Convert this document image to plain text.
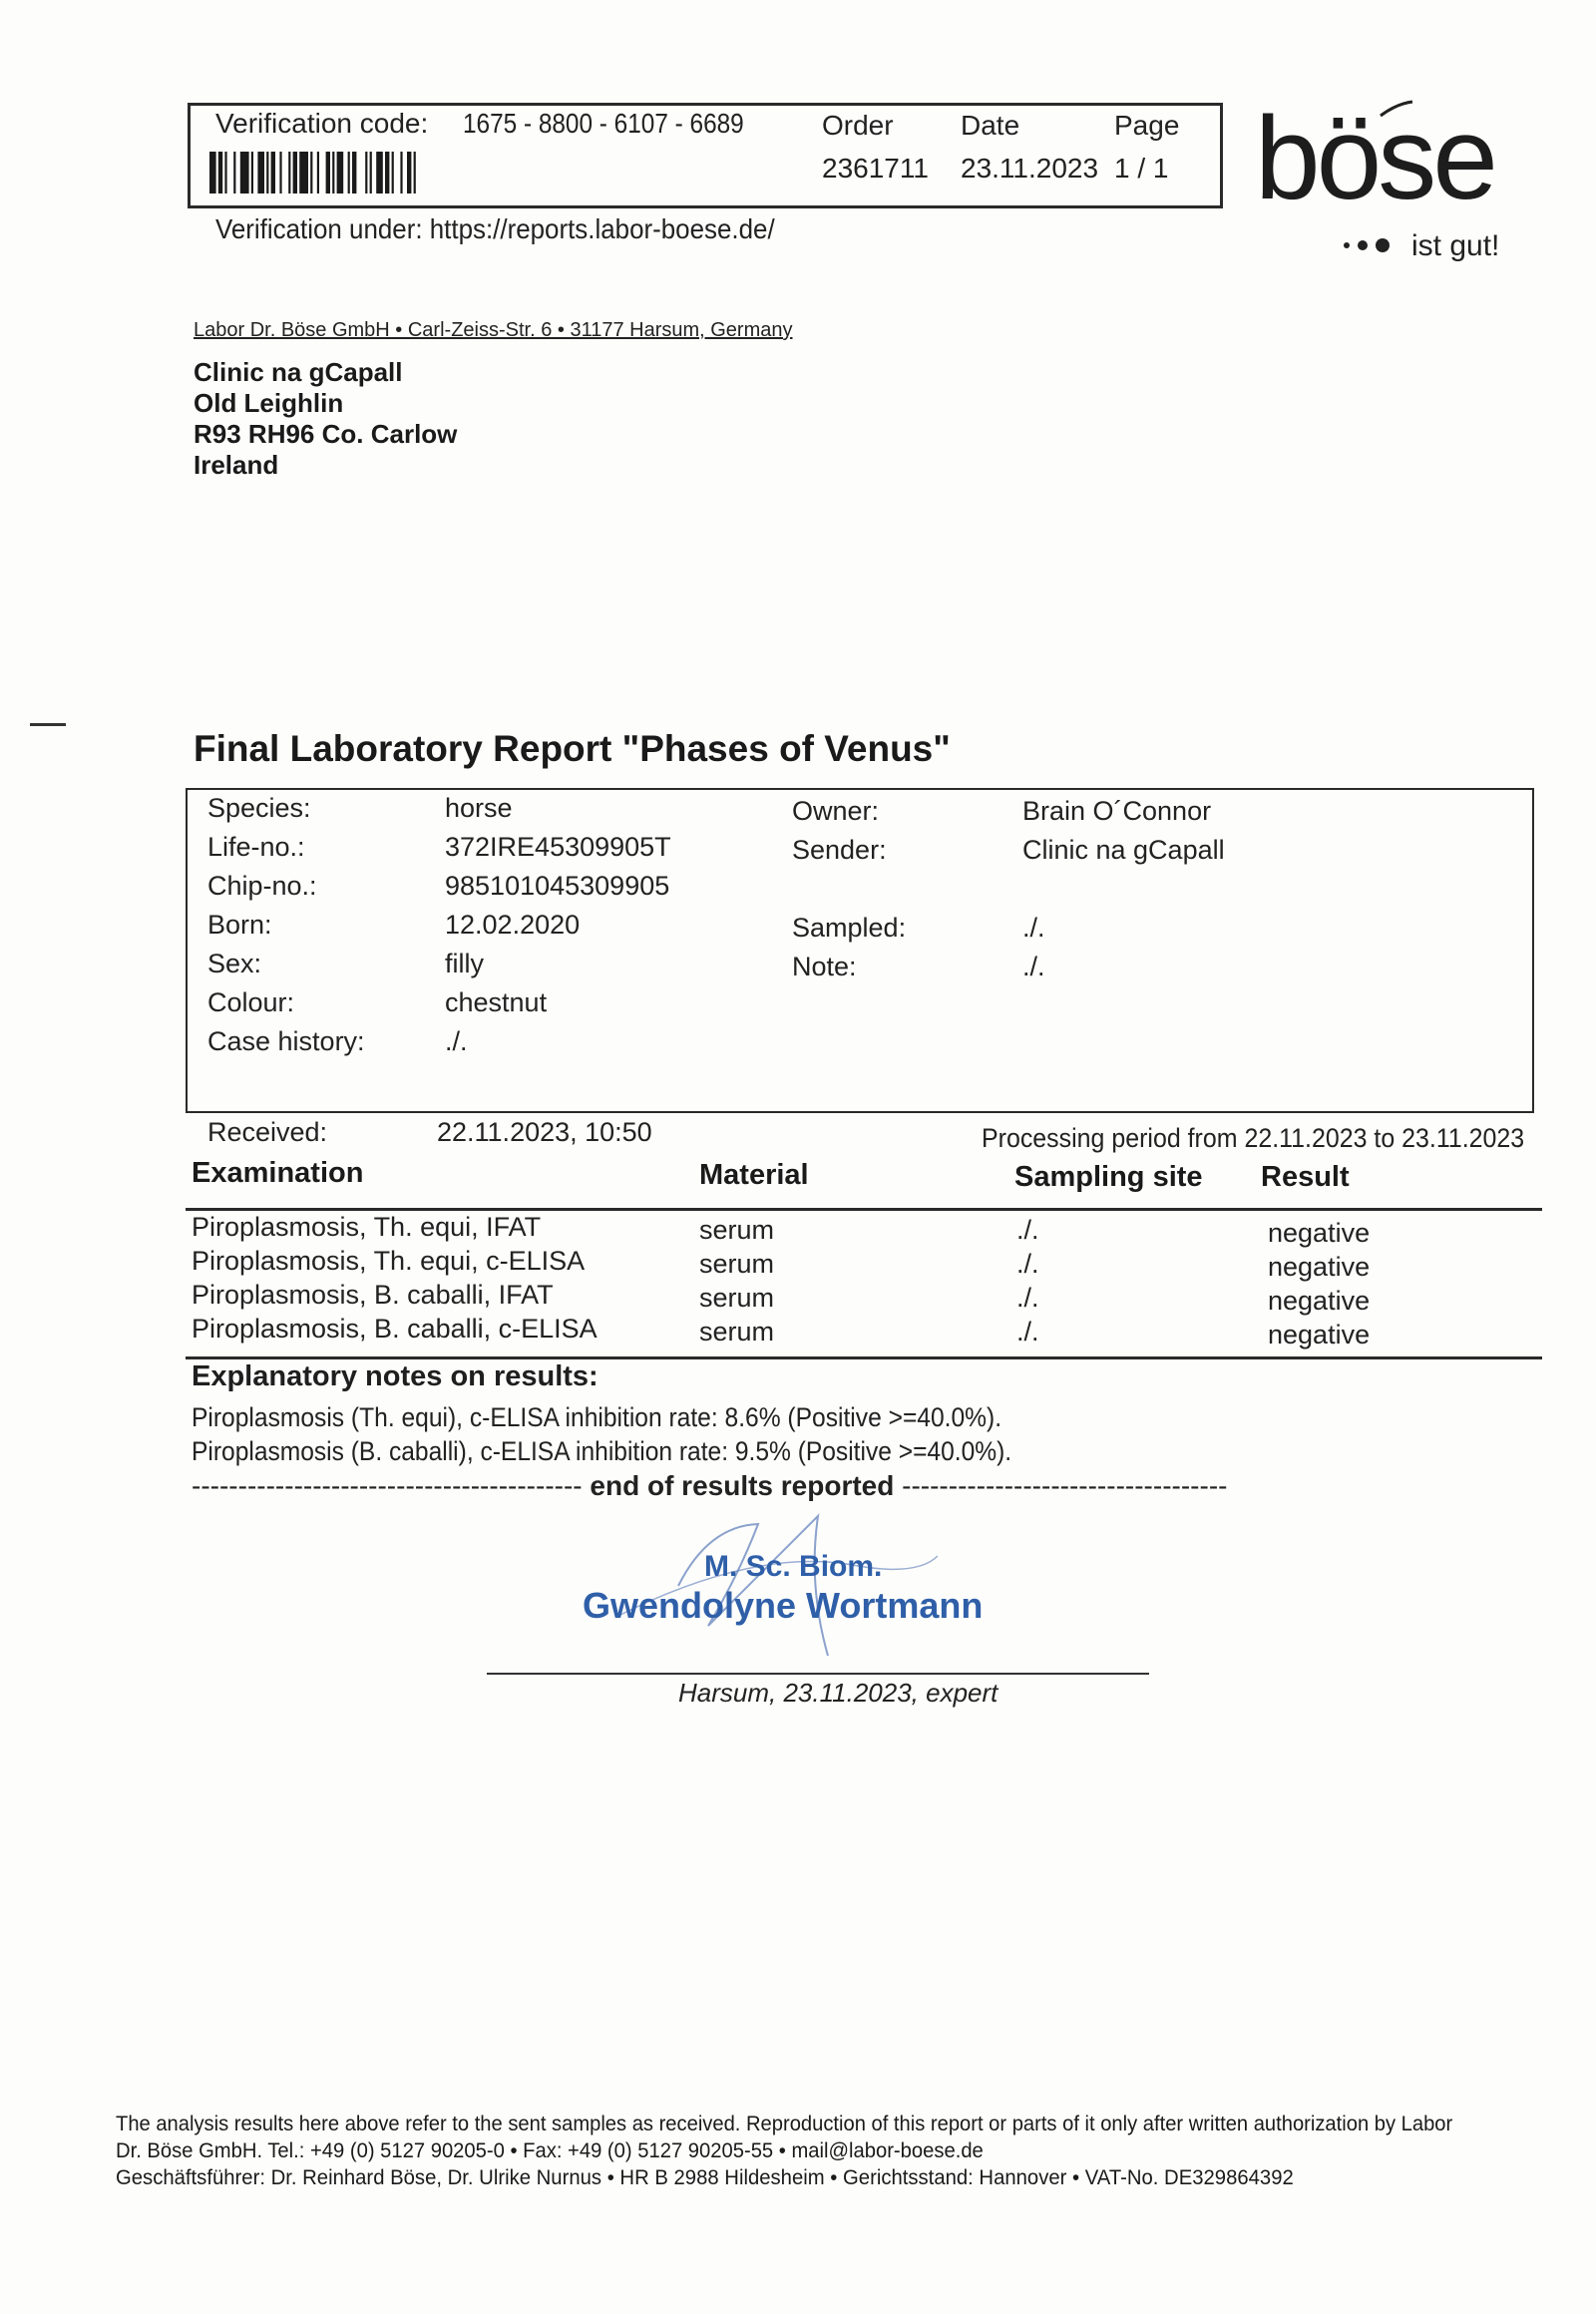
Verification code: 1675 - 8800 - 6107 - 6689	Order
2361711
Date
23.11.2023
Page
1 / 1
Verification under: https://reports.labor-boese.de/
böse
ist gut!
Labor Dr. Böse GmbH • Carl-Zeiss-Str. 6 • 31177 Harsum, Germany
Clinic na gCapall
Old Leighlin
R93 RH96 Co. Carlow
Ireland
Final Laboratory Report "Phases of Venus"
Species:	horse
Life-no.:	372IRE45309905T
Chip-no.:	985101045309905
Born:	12.02.2020
Sex:	filly
Colour:	chestnut
Case history:	./.
Owner:	Brain O´Connor
Sender:	Clinic na gCapall
Sampled:	./.
Note:	./.
Received:	22.11.2023, 10:50	Processing period from 22.11.2023 to 23.11.2023
Examination	Material	Sampling site Result
Piroplasmosis, Th. equi, IFAT	serum	./.	negative
Piroplasmosis, Th. equi, c-ELISA	serum	./.	negative
Piroplasmosis, B. caballi, IFAT	serum	./.	negative
Piroplasmosis, B. caballi, c-ELISA	serum	./.	negative
Explanatory notes on results:
Piroplasmosis (Th. equi), c-ELISA inhibition rate: 8.6% (Positive >=40.0%).
Piroplasmosis (B. caballi), c-ELISA inhibition rate: 9.5% (Positive >=40.0%).
------------------------------------------ end of results reported -----------------------------------
M. Sc. Biom.
Gwendolyne Wortmann
Harsum, 23.11.2023, expert
The analysis results here above refer to the sent samples as received. Reproduction of this report or parts of it only after written authorization by Labor
Dr. Böse GmbH. Tel.: +49 (0) 5127 90205-0 • Fax: +49 (0) 5127 90205-55 • mail@labor-boese.de
Geschäftsführer: Dr. Reinhard Böse, Dr. Ulrike Nurnus • HR B 2988 Hildesheim • Gerichtsstand: Hannover • VAT-No. DE329864392
